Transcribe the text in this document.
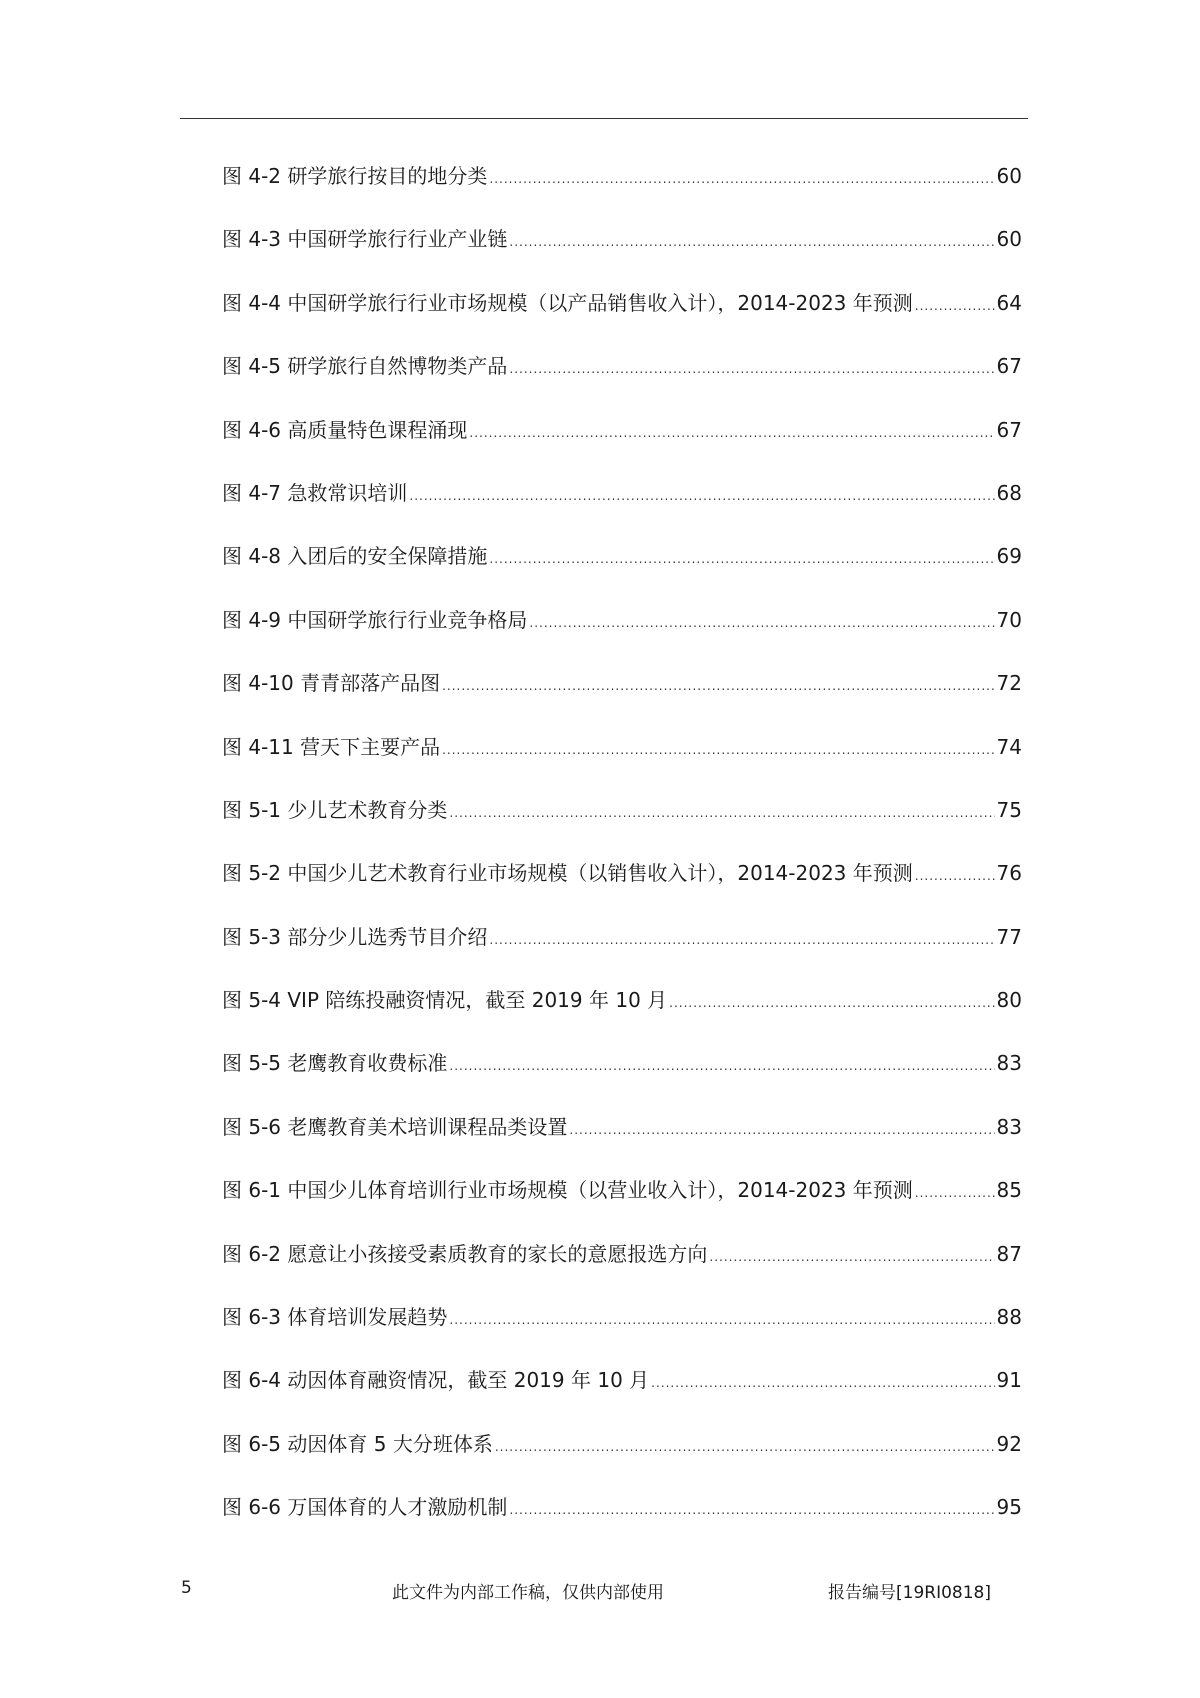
图 4-2 研学旅行按目的地分类 .....	60
图 4-3 中国研学旅行行业产业链 .....	60
图 4-4 中国研学旅行行业市场规模（以产品销售收入计），2014-2023 年预测 .....	64
图 4-5 研学旅行自然博物类产品 .....	67
图 4-6 高质量特色课程涌现 .....	67
图 4-7 急救常识培训 .....	68
图 4-8 入团后的安全保障措施 .....	69
图 4-9 中国研学旅行行业竞争格局 .....	70
图 4-10 青青部落产品图 .....	72
图 4-11 营天下主要产品 .....	74
图 5-1 少儿艺术教育分类 .....	75
图 5-2 中国少儿艺术教育行业市场规模（以销售收入计），2014-2023 年预测 .....	76
图 5-3 部分少儿选秀节目介绍 .....	77
图 5-4 VIP 陪练投融资情况，截至 2019 年 10 月 .....	80
图 5-5 老鹰教育收费标准 .....	83
图 5-6 老鹰教育美术培训课程品类设置 .....	83
图 6-1 中国少儿体育培训行业市场规模（以营业收入计），2014-2023 年预测 .....	85
图 6-2 愿意让小孩接受素质教育的家长的意愿报选方向 .....	87
图 6-3 体育培训发展趋势 .....	88
图 6-4 动因体育融资情况，截至 2019 年 10 月 .....	91
图 6-5 动因体育 5 大分班体系 .....	92
图 6-6 万国体育的人才激励机制 .....	95
5	此文件为内部工作稿，仅供内部使用	报告编号[19RI0818]
